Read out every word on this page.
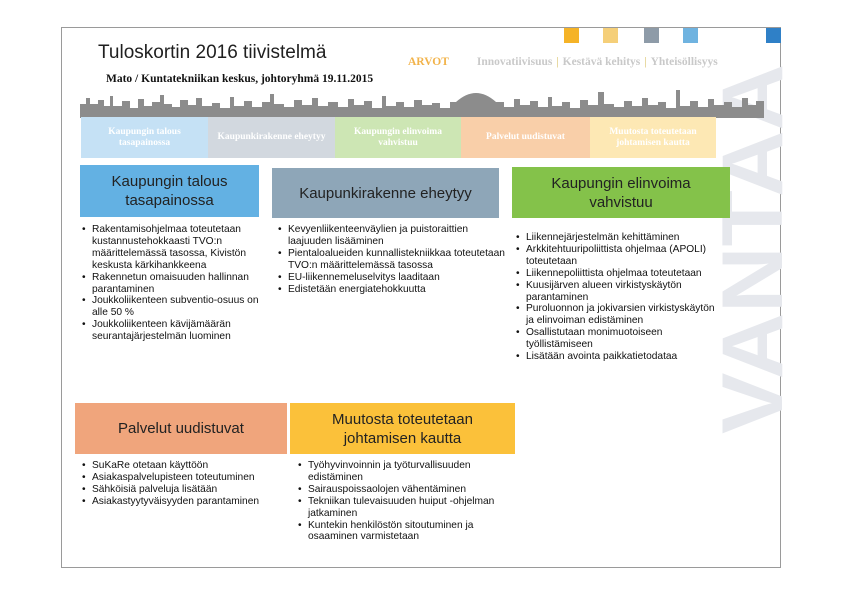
VANTAA
Tuloskortin 2016 tiivistelmä
Mato / Kuntatekniikan keskus, johtoryhmä 19.11.2015
ARVOT Innovatiivisuus | Kestävä kehitys | Yhteisöllisyys
Kaupungin talous tasapainossa
Kaupunkirakenne eheytyy
Kaupungin elinvoima vahvistuu
Palvelut uudistuvat
Muutosta toteutetaan johtamisen kautta
Kaupungin talous tasapainossa
• Rakentamisohjelmaa toteutetaan kustannustehokkaasti TVO:n määrittelemässä tasossa, Kivistön keskusta kärkihankkeena
• Rakennetun omaisuuden hallinnan parantaminen
• Joukkoliikenteen subventio-osuus on alle 50 %
• Joukkoliikenteen kävijämäärän seurantajärjestelmän luominen
Kaupunkirakenne eheytyy
• Kevyenliikenteenväylien ja puistoraittien laajuuden lisääminen
• Pientaloalueiden kunnallistekniikkaa toteutetaan TVO:n määrittelemässä tasossa
• EU-liikennemeluselvitys laaditaan
• Edistetään energiatehokkuutta
Kaupungin elinvoima vahvistuu
• Liikennejärjestelmän kehittäminen
• Arkkitehtuuripoliittista ohjelmaa (APOLI) toteutetaan
• Liikennepoliittista ohjelmaa toteutetaan
• Kuusijärven alueen virkistyskäytön parantaminen
• Puroluonnon ja jokivarsien virkistyskäytön ja elinvoiman edistäminen
• Osallistutaan monimuotoiseen työllistämiseen
• Lisätään avointa paikkatietodataa
Palvelut uudistuvat
• SuKaRe otetaan käyttöön
• Asiakaspalvelupisteen toteutuminen
• Sähköisiä palveluja lisätään
• Asiakastyytyväisyyden parantaminen
Muutosta toteutetaan johtamisen kautta
• Työhyvinvoinnin ja työturvallisuuden edistäminen
• Sairauspoissaolojen vähentäminen
• Tekniikan tulevaisuuden huiput -ohjelman jatkaminen
• Kuntekin henkilöstön sitoutuminen ja osaaminen varmistetaan
